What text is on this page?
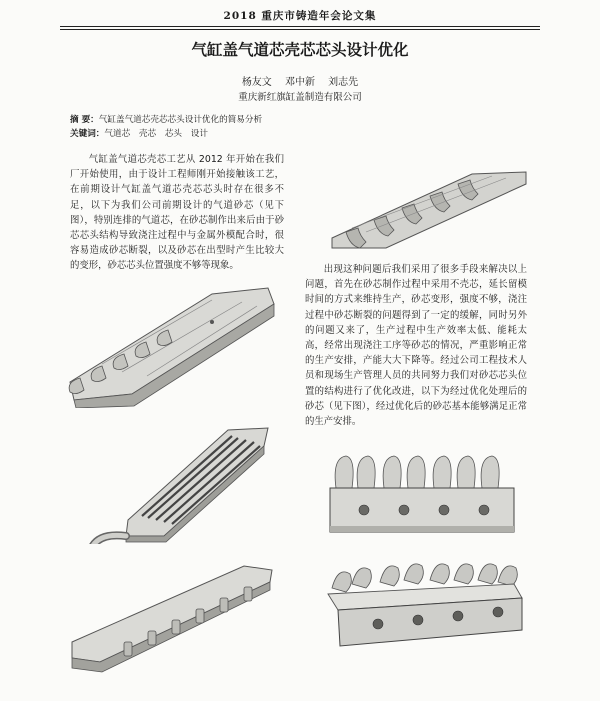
2018 重庆市铸造年会论文集
气缸盖气道芯壳芯芯头设计优化
杨友文 邓中新 刘志先
重庆新红旗缸盖制造有限公司
摘 要：气缸盖气道芯壳芯芯头设计优化的简易分析
关键词：气道芯 壳芯 芯头 设计

气缸盖气道芯壳芯工艺从 2012 年开始在我们厂开始使用，由于设计工程师刚开始接触该工艺，在前期设计气缸盖气道芯壳芯芯头时存在很多不足，以下为我们公司前期设计的气道砂芯（见下图），特别连排的气道芯，在砂芯制作出来后由于砂芯芯头结构导致浇注过程中与金属外模配合时，很容易造成砂芯断裂，以及砂芯在出型时产生比较大的变形，砂芯芯头位置强度不够等现象。	出现这种问题后我们采用了很多手段来解决以上问题，首先在砂芯制作过程中采用不壳芯，延长留模时间的方式来维持生产，砂芯变形，强度不够，浇注过程中砂芯断裂的问题得到了一定的缓解，同时另外的问题又来了，生产过程中生产效率太低、能耗太高，经常出现浇注工序等砂芯的情况，严重影响正常的生产安排，产能大大下降等。经过公司工程技术人员和现场生产管理人员的共同努力我们对砂芯芯头位置的结构进行了优化改进，以下为经过优化处理后的砂芯（见下图），经过优化后的砂芯基本能够满足正常的生产安排。
